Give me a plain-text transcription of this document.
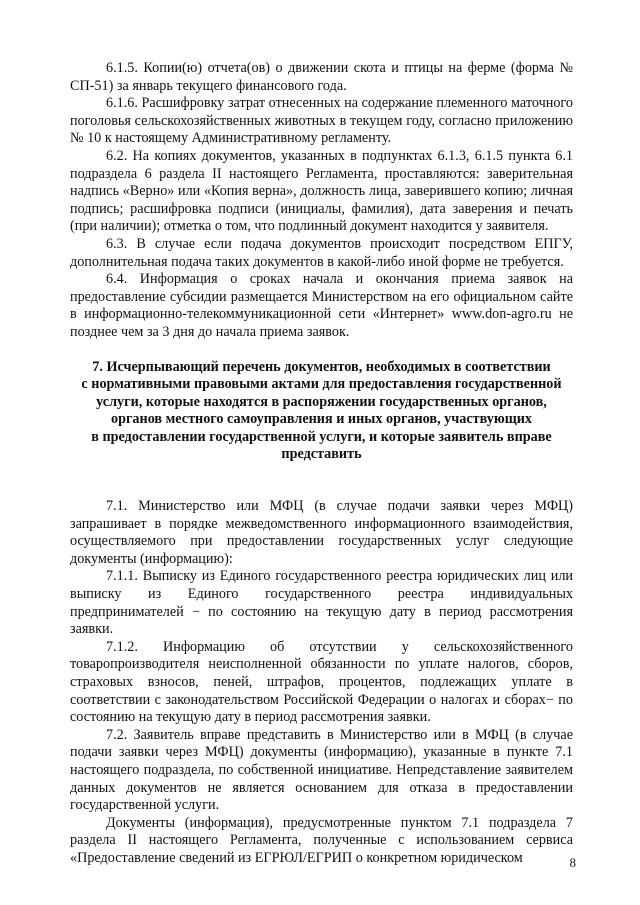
6.1.5. Копии(ю) отчета(ов) о движении скота и птицы на ферме (форма № СП-51) за январь текущего финансового года.

6.1.6. Расшифровку затрат отнесенных на содержание племенного маточного поголовья сельскохозяйственных животных в текущем году, согласно приложению № 10 к настоящему Административному регламенту.

6.2. На копиях документов, указанных в подпунктах 6.1.3, 6.1.5 пункта 6.1 подраздела 6 раздела II настоящего Регламента, проставляются: заверительная надпись «Верно» или «Копия верна», должность лица, заверившего копию; личная подпись; расшифровка подписи (инициалы, фамилия), дата заверения и печать (при наличии); отметка о том, что подлинный документ находится у заявителя.

6.3. В случае если подача документов происходит посредством ЕПГУ, дополнительная подача таких документов в какой-либо иной форме не требуется.

6.4. Информация о сроках начала и окончания приема заявок на предоставление субсидии размещается Министерством на его официальном сайте в информационно-телекоммуникационной сети «Интернет» www.don-agro.ru не позднее чем за 3 дня до начала приема заявок.

7. Исчерпывающий перечень документов, необходимых в соответствии
с нормативными правовыми актами для предоставления государственной
услуги, которые находятся в распоряжении государственных органов,
органов местного самоуправления и иных органов, участвующих
в предоставлении государственной услуги, и которые заявитель вправе
представить

7.1. Министерство или МФЦ (в случае подачи заявки через МФЦ) запрашивает в порядке межведомственного информационного взаимодействия, осуществляемого при предоставлении государственных услуг следующие документы (информацию):

7.1.1. Выписку из Единого государственного реестра юридических лиц или выписку из Единого государственного реестра индивидуальных предпринимателей − по состоянию на текущую дату в период рассмотрения заявки.

7.1.2. Информацию об отсутствии у сельскохозяйственного товаропроизводителя неисполненной обязанности по уплате налогов, сборов, страховых взносов, пеней, штрафов, процентов, подлежащих уплате в соответствии с законодательством Российской Федерации о налогах и сборах− по состоянию на текущую дату в период рассмотрения заявки.

7.2. Заявитель вправе представить в Министерство или в МФЦ (в случае подачи заявки через МФЦ) документы (информацию), указанные в пункте 7.1 настоящего подраздела, по собственной инициативе. Непредставление заявителем данных документов не является основанием для отказа в предоставлении государственной услуги.

Документы (информация), предусмотренные пунктом 7.1 подраздела 7 раздела II настоящего Регламента, полученные с использованием сервиса «Предоставление сведений из ЕГРЮЛ/ЕГРИП о конкретном юридическом	8
